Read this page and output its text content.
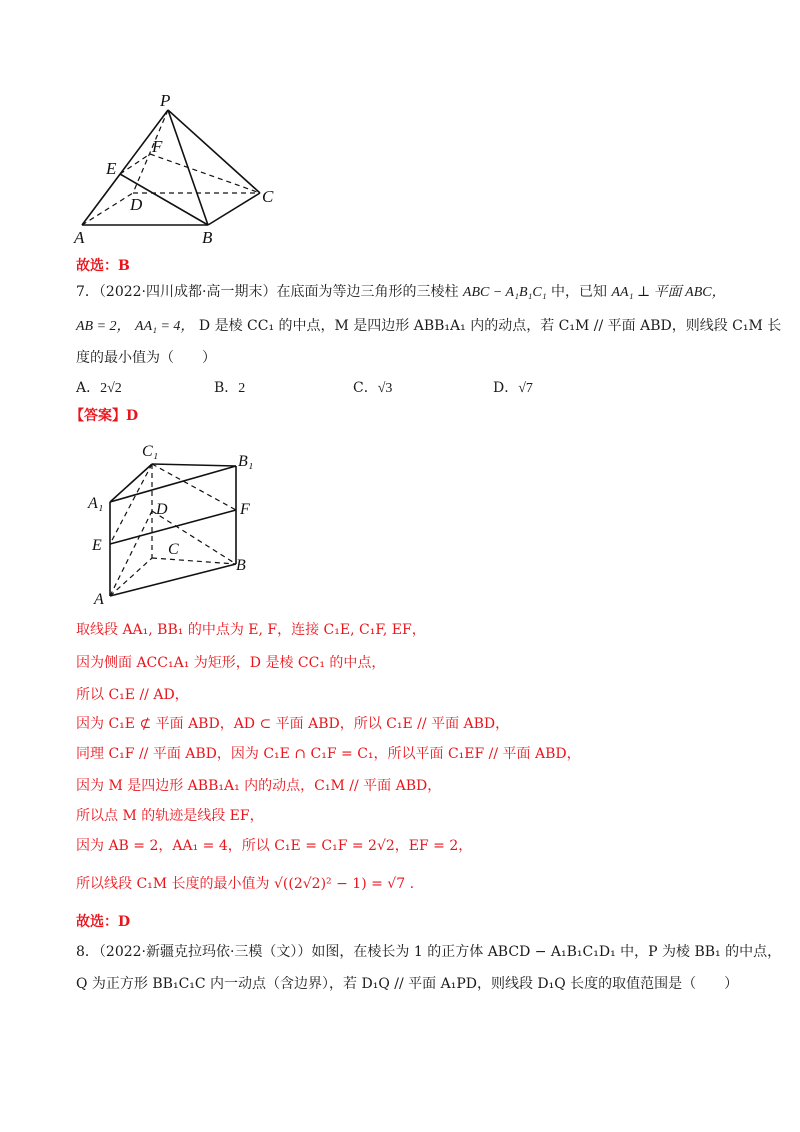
P
E
F
D	C
A	B
故选：B
7．（2022·四川成都·高一期末）在底面为等边三角形的三棱柱 ABC − A₁B₁C₁ 中，已知 AA₁ ⊥ 平面 ABC，
AB = 2， AA₁ = 4， D 是棱 CC₁ 的中点，M 是四边形 ABB₁A₁ 内的动点，若 C₁M // 平面 ABD，则线段 C₁M 长
度的最小值为（　　）
A．2√2	B．2	C．√3	D．√7
【答案】D
C₁
B₁
A₁	D	F
E	C
B
A
取线段 AA₁, BB₁ 的中点为 E, F，连接 C₁E, C₁F, EF，
因为侧面 ACC₁A₁ 为矩形，D 是棱 CC₁ 的中点，
所以 C₁E // AD，
因为 C₁E ⊄ 平面 ABD，AD ⊂ 平面 ABD，所以 C₁E // 平面 ABD，
同理 C₁F // 平面 ABD，因为 C₁E ∩ C₁F = C₁，所以平面 C₁EF // 平面 ABD，
因为 M 是四边形 ABB₁A₁ 内的动点，C₁M // 平面 ABD，
所以点 M 的轨迹是线段 EF，
因为 AB = 2，AA₁ = 4，所以 C₁E = C₁F = 2√2，EF = 2，
所以线段 C₁M 长度的最小值为 √((2√2)² − 1) = √7 .
故选：D
8．（2022·新疆克拉玛依·三模（文））如图，在棱长为 1 的正方体 ABCD − A₁B₁C₁D₁ 中，P 为棱 BB₁ 的中点，
Q 为正方形 BB₁C₁C 内一动点（含边界），若 D₁Q // 平面 A₁PD，则线段 D₁Q 长度的取值范围是（　　）
